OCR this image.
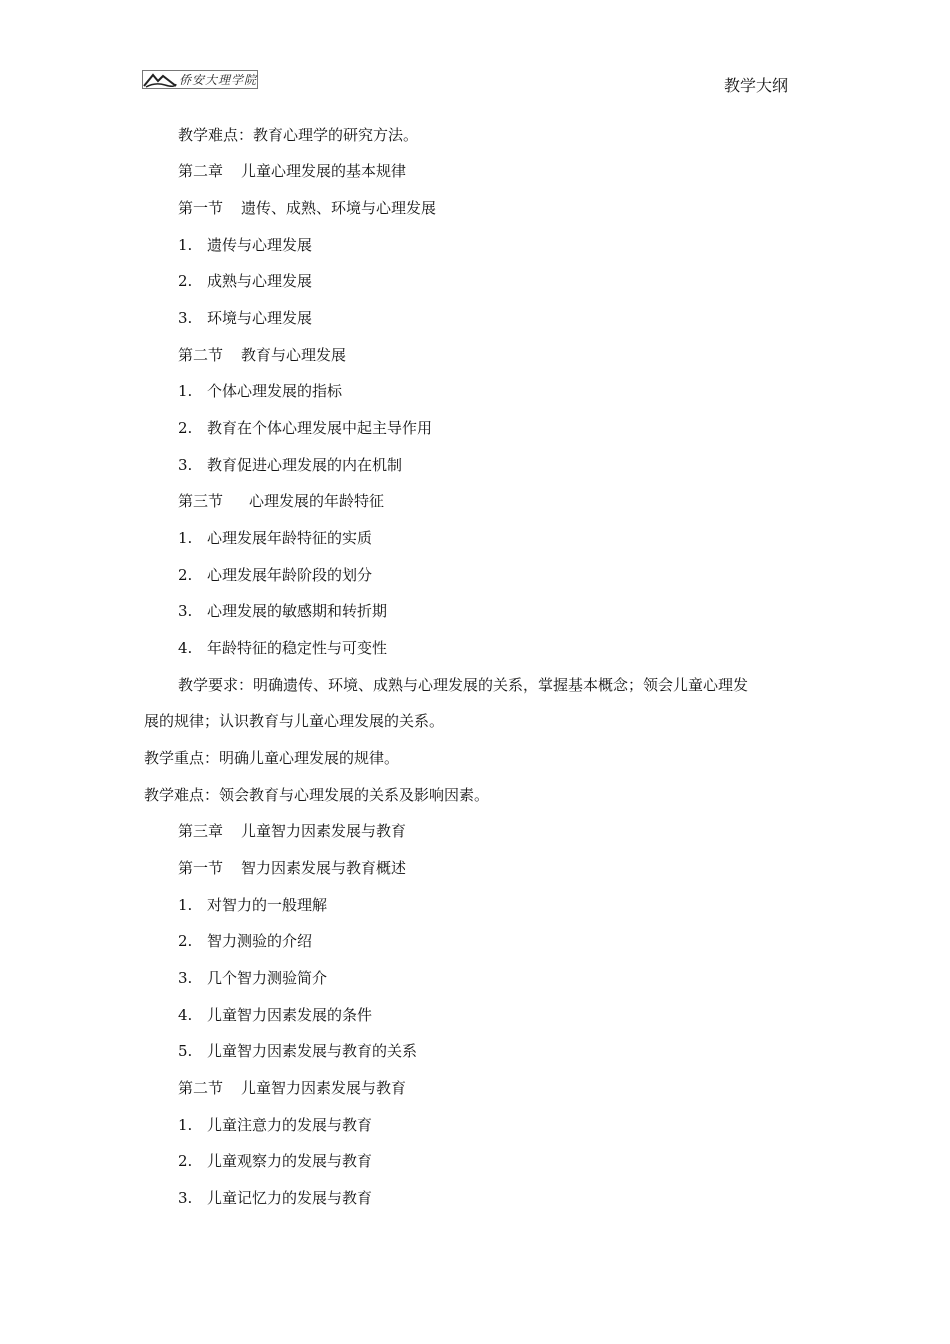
侨安大理学院	教学大纲
教学难点：教育心理学的研究方法。
第二章 儿童心理发展的基本规律
第一节 遗传、成熟、环境与心理发展
1. 遗传与心理发展
2. 成熟与心理发展
3. 环境与心理发展
第二节 教育与心理发展
1. 个体心理发展的指标
2. 教育在个体心理发展中起主导作用
3. 教育促进心理发展的内在机制
第三节 心理发展的年龄特征
1. 心理发展年龄特征的实质
2. 心理发展年龄阶段的划分
3. 心理发展的敏感期和转折期
4. 年龄特征的稳定性与可变性
教学要求：明确遗传、环境、成熟与心理发展的关系，掌握基本概念；领会儿童心理发
展的规律；认识教育与儿童心理发展的关系。
教学重点：明确儿童心理发展的规律。
教学难点：领会教育与心理发展的关系及影响因素。
第三章 儿童智力因素发展与教育
第一节 智力因素发展与教育概述
1. 对智力的一般理解
2. 智力测验的介绍
3. 几个智力测验简介
4. 儿童智力因素发展的条件
5. 儿童智力因素发展与教育的关系
第二节 儿童智力因素发展与教育
1. 儿童注意力的发展与教育
2. 儿童观察力的发展与教育
3. 儿童记忆力的发展与教育
